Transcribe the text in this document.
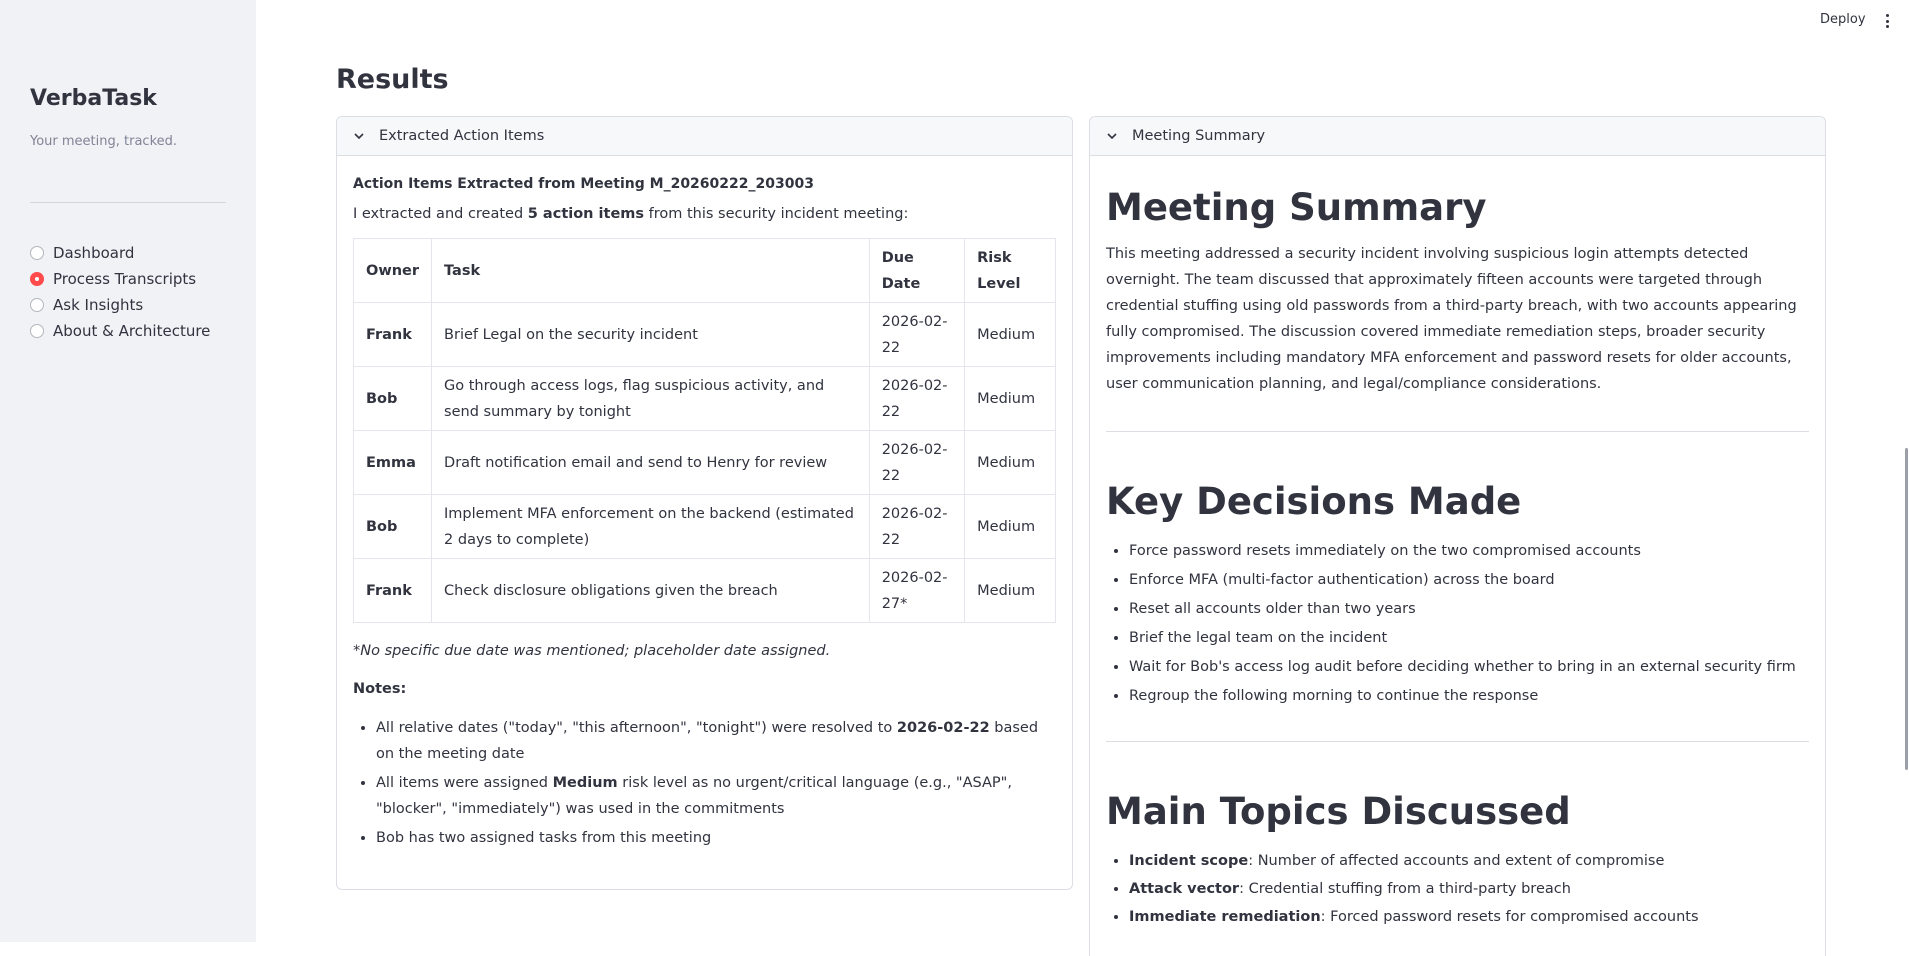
VerbaTask
Your meeting, tracked.
Dashboard
Process Transcripts
Ask Insights
About & Architecture
Deploy
Results
Extracted Action Items
Action Items Extracted from Meeting M_20260222_203003
I extracted and created 5 action items from this security incident meeting:
Owner	Task	Due Date	Risk Level
Frank	Brief Legal on the security incident	2026-02-22	Medium
Bob	Go through access logs, flag suspicious activity, and send summary by tonight	2026-02-22	Medium
Emma	Draft notification email and send to Henry for review	2026-02-22	Medium
Bob	Implement MFA enforcement on the backend (estimated 2 days to complete)	2026-02-22	Medium
Frank	Check disclosure obligations given the breach	2026-02-27*	Medium
*No specific due date was mentioned; placeholder date assigned.
Notes:
• All relative dates ("today", "this afternoon", "tonight") were resolved to 2026-02-22 based on the meeting date
• All items were assigned Medium risk level as no urgent/critical language (e.g., "ASAP", "blocker", "immediately") was used in the commitments
• Bob has two assigned tasks from this meeting
Meeting Summary
Meeting Summary
This meeting addressed a security incident involving suspicious login attempts detected overnight. The team discussed that approximately fifteen accounts were targeted through credential stuffing using old passwords from a third-party breach, with two accounts appearing fully compromised. The discussion covered immediate remediation steps, broader security improvements including mandatory MFA enforcement and password resets for older accounts, user communication planning, and legal/compliance considerations.
Key Decisions Made
• Force password resets immediately on the two compromised accounts
• Enforce MFA (multi-factor authentication) across the board
• Reset all accounts older than two years
• Brief the legal team on the incident
• Wait for Bob's access log audit before deciding whether to bring in an external security firm
• Regroup the following morning to continue the response
Main Topics Discussed
• Incident scope: Number of affected accounts and extent of compromise
• Attack vector: Credential stuffing from a third-party breach
• Immediate remediation: Forced password resets for compromised accounts
